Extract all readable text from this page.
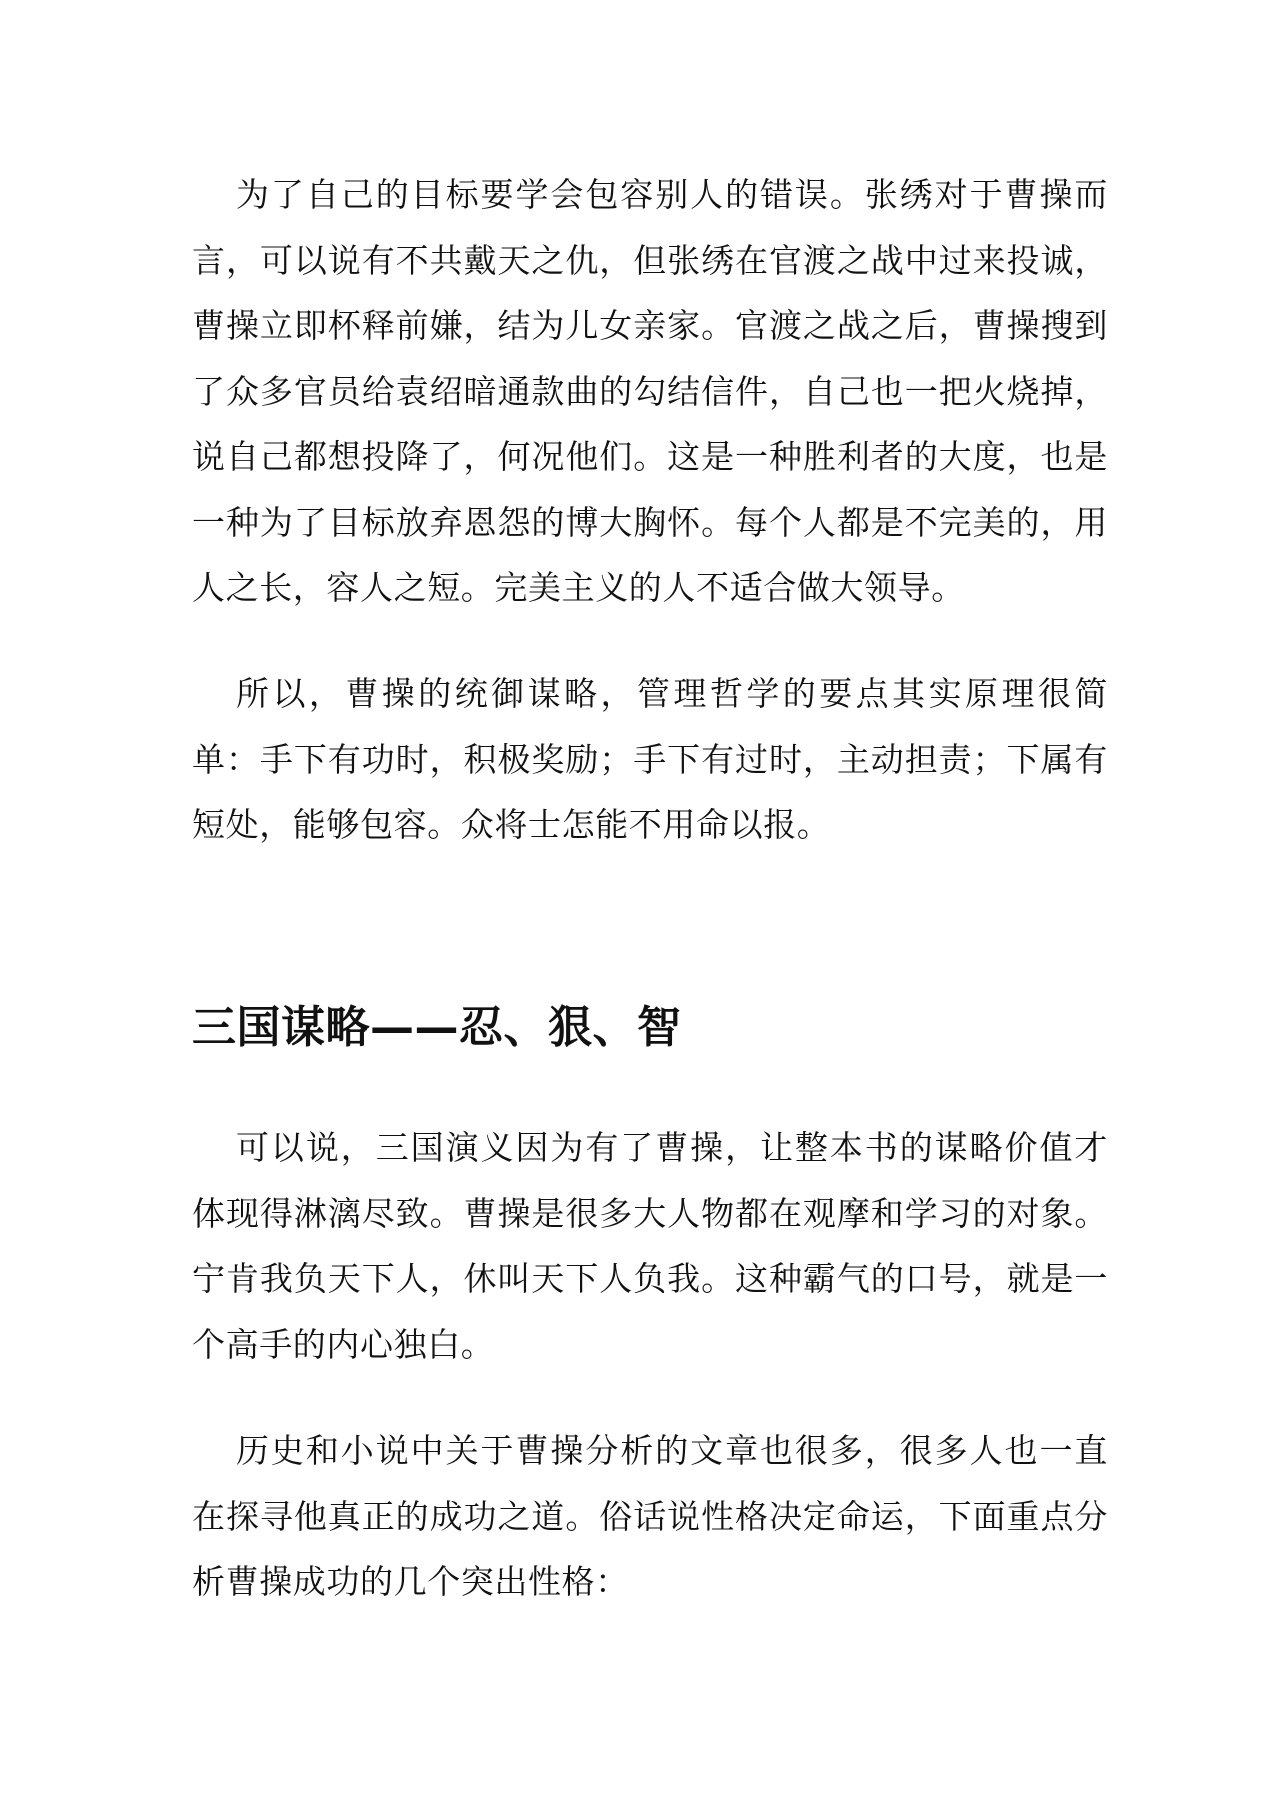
为了自己的目标要学会包容别人的错误。张绣对于曹操而言，可以说有不共戴天之仇，但张绣在官渡之战中过来投诚，曹操立即杯释前嫌，结为儿女亲家。官渡之战之后，曹操搜到了众多官员给袁绍暗通款曲的勾结信件，自己也一把火烧掉，说自己都想投降了，何况他们。这是一种胜利者的大度，也是一种为了目标放弃恩怨的博大胸怀。每个人都是不完美的，用人之长，容人之短。完美主义的人不适合做大领导。

所以，曹操的统御谋略，管理哲学的要点其实原理很简单：手下有功时，积极奖励；手下有过时，主动担责；下属有短处，能够包容。众将士怎能不用命以报。

三国谋略——忍、狠、智

可以说，三国演义因为有了曹操，让整本书的谋略价值才体现得淋漓尽致。曹操是很多大人物都在观摩和学习的对象。宁肯我负天下人，休叫天下人负我。这种霸气的口号，就是一个高手的内心独白。

历史和小说中关于曹操分析的文章也很多，很多人也一直在探寻他真正的成功之道。俗话说性格决定命运，下面重点分析曹操成功的几个突出性格：
